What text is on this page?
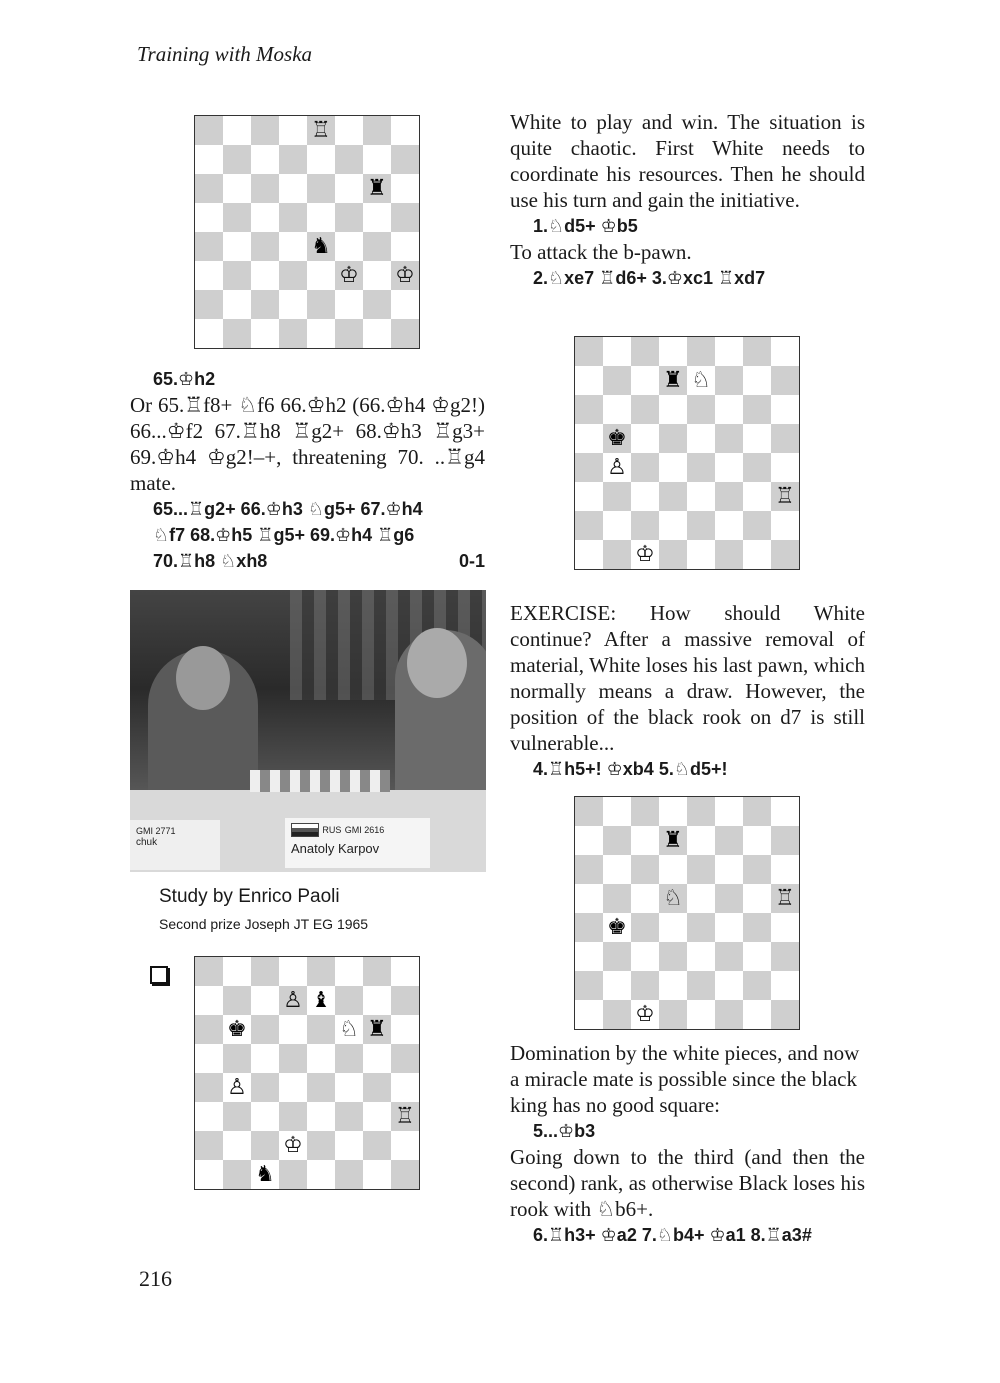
Training with Moska
♖
♜
♞
♔ ♔

65.♔h2

Or 65.♖f8+ ♘f6 66.♔h2 (66.♔h4 ♔g2!) 66...♔f2 67.♖h8 ♖g2+ 68.♔h3 ♖g3+ 69.♔h4 ♔g2!–+, threatening 70. ..♖g4 mate.

65...♖g2+ 66.♔h3 ♘g5+ 67.♔h4

♘f7 68.♔h5 ♖g5+ 69.♔h4 ♖g6

70.♖h8 ♘xh8	0-1
GMI 2771
chuk
RUS GMI 2616
Anatoly Karpov
Study by Enrico Paoli
Second prize Joseph JT EG 1965
♙ ♝
♚	♘ ♜
♙
♖
♔
♞

White to play and win. The situation is quite chaotic. First White needs to coordinate his resources. Then he should use his turn and gain the initiative.

1.♘d5+ ♔b5

To attack the b-pawn.

2.♘xe7 ♖d6+ 3.♔xc1 ♖xd7

♜ ♘
♚
♙
♖
♔

EXERCISE: How should White continue? After a massive removal of material, White loses his last pawn, which normally means a draw. However, the position of the black rook on d7 is still vulnerable...

4.♖h5+! ♔xb4 5.♘d5+!

♜
♘	♖
♚
♔

Domination by the white pieces, and now a miracle mate is possible since the black king has no good square:

5...♔b3

Going down to the third (and then the second) rank, as otherwise Black loses his rook with ♘b6+.

6.♖h3+ ♔a2 7.♘b4+ ♔a1 8.♖a3#

216
